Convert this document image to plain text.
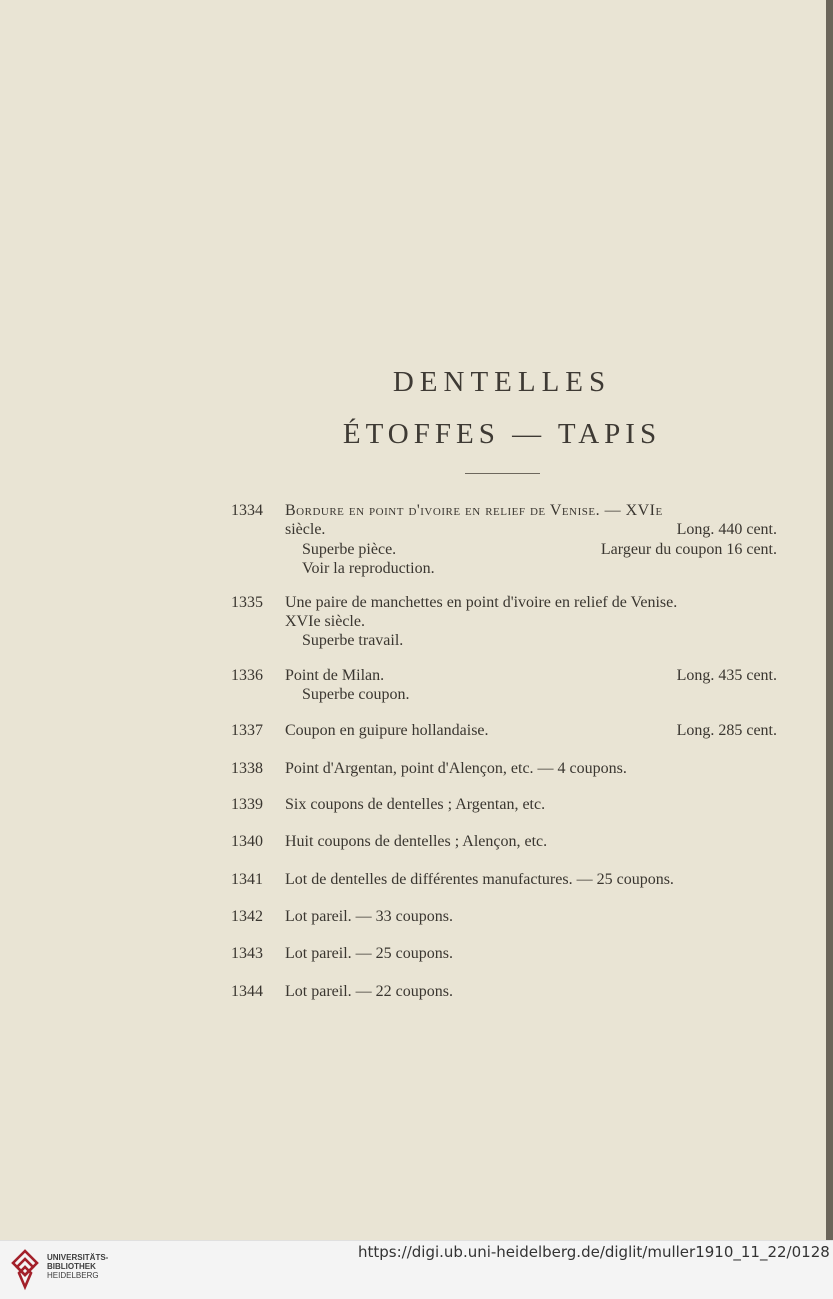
DENTELLES
ÉTOFFES — TAPIS
1334 Bordure en point d'ivoire en relief de Venise. — XVIe
siècle.	Long. 440 cent.
Superbe pièce.	Largeur du coupon 16 cent.
Voir la reproduction.
1335 Une paire de manchettes en point d'ivoire en relief de Venise.
XVIe siècle.
Superbe travail.
1336 Point de Milan.	Long. 435 cent.
Superbe coupon.
1337 Coupon en guipure hollandaise.	Long. 285 cent.
1338 Point d'Argentan, point d'Alençon, etc. — 4 coupons.
1339 Six coupons de dentelles ; Argentan, etc.
1340 Huit coupons de dentelles ; Alençon, etc.
1341 Lot de dentelles de différentes manufactures. — 25 coupons.
1342 Lot pareil. — 33 coupons.
1343 Lot pareil. — 25 coupons.
1344 Lot pareil. — 22 coupons.
UNIVERSITÄTS-
BIBLIOTHEK
HEIDELBERG
https://digi.ub.uni-heidelberg.de/diglit/muller1910_11_22/0128
